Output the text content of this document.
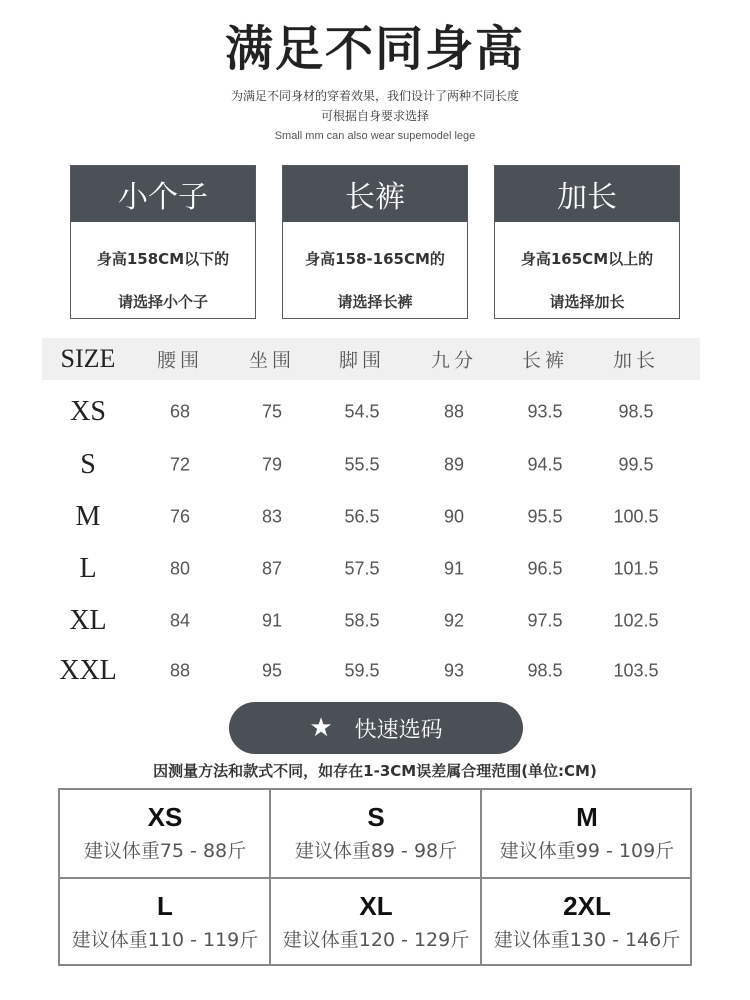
满足不同身高
为满足不同身材的穿着效果，我们设计了两种不同长度
可根据自身要求选择
Small mm can also wear supemodel lege
小个子
身高158CM以下的
请选择小个子
长裤
身高158-165CM的
请选择长裤
加长
身高165CM以上的
请选择加长
SIZE 腰围 坐围 脚围 九分 长裤 加长
XS	68	75	54.5	88	93.5	98.5
S	72	79	55.5	89	94.5	99.5
M	76	83	56.5	90	95.5	100.5
L	80	87	57.5	91	96.5	101.5
XL	84	91	58.5	92	97.5	102.5
XXL	88	95	59.5	93	98.5	103.5
★ 快速选码
因测量方法和款式不同，如存在1-3CM误差属合理范围(单位:CM)
XS
建议体重75 - 88斤
S
建议体重89 - 98斤
M
建议体重99 - 109斤
L
建议体重110 - 119斤
XL
建议体重120 - 129斤
2XL
建议体重130 - 146斤
